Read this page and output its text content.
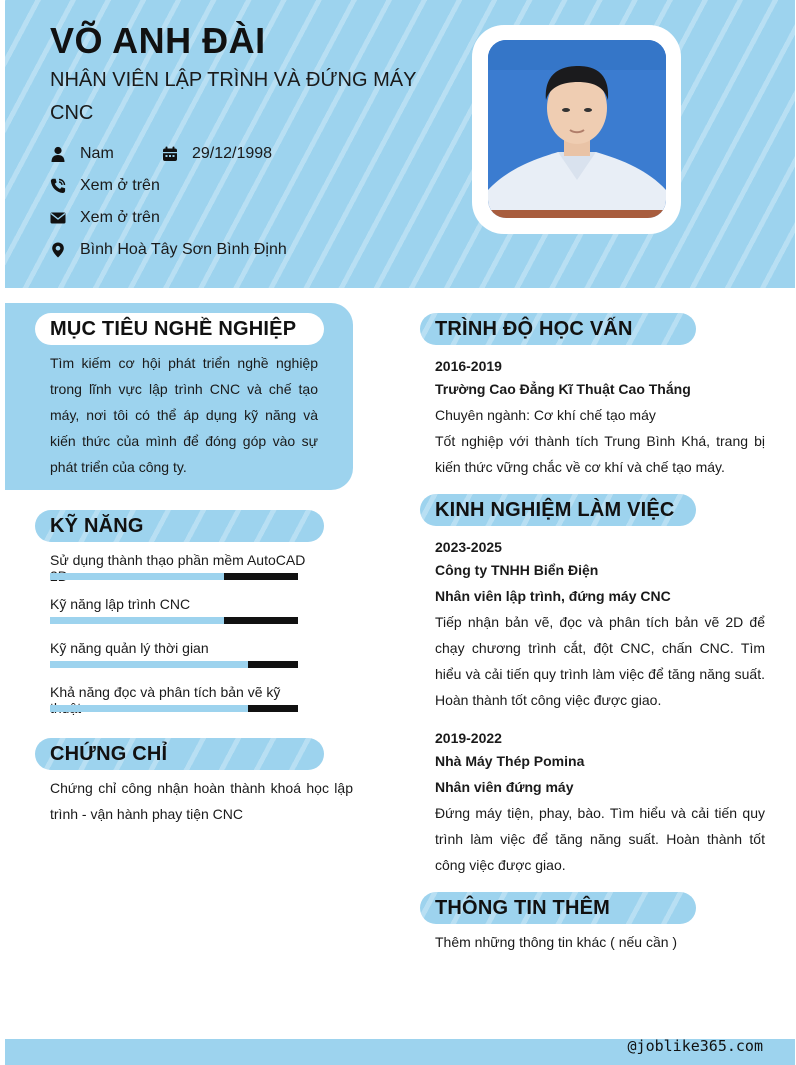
VÕ ANH ĐÀI
NHÂN VIÊN LẬP TRÌNH VÀ ĐỨNG MÁY CNC
Nam	29/12/1998
Xem ở trên
Xem ở trên
Bình Hoà Tây Sơn Bình Định
MỤC TIÊU NGHỀ NGHIỆP

Tìm kiếm cơ hội phát triển nghề nghiệp trong lĩnh vực lập trình CNC và chế tạo máy, nơi tôi có thể áp dụng kỹ năng và kiến thức của mình để đóng góp vào sự phát triển của công ty.

KỸ NĂNG
Sử dụng thành thạo phần mềm AutoCAD
Kỹ năng lập trình CNC
Kỹ năng quản lý thời gian
Khả năng đọc và phân tích bản vẽ kỹ
CHỨNG CHỈ

Chứng chỉ công nhận hoàn thành khoá học lập trình - vận hành phay tiện CNC

TRÌNH ĐỘ HỌC VẤN
2016-2019
Trường Cao Đẳng Kĩ Thuật Cao Thắng
Chuyên ngành: Cơ khí chế tạo máy
Tốt nghiệp với thành tích Trung Bình Khá, trang bị kiến thức vững chắc về cơ khí và chế tạo máy.
KINH NGHIỆM LÀM VIỆC
2023-2025
Công ty TNHH Biển Điện
Nhân viên lập trình, đứng máy CNC
Tiếp nhận bản vẽ, đọc và phân tích bản vẽ 2D để chạy chương trình cắt, đột CNC, chấn CNC. Tìm hiểu và cải tiến quy trình làm việc để tăng năng suất. Hoàn thành tốt công việc được giao.
2019-2022
Nhà Máy Thép Pomina
Nhân viên đứng máy
Đứng máy tiện, phay, bào. Tìm hiểu và cải tiến quy trình làm việc để tăng năng suất. Hoàn thành tốt công việc được giao.
THÔNG TIN THÊM

Thêm những thông tin khác ( nếu cần )

@joblike365.com
